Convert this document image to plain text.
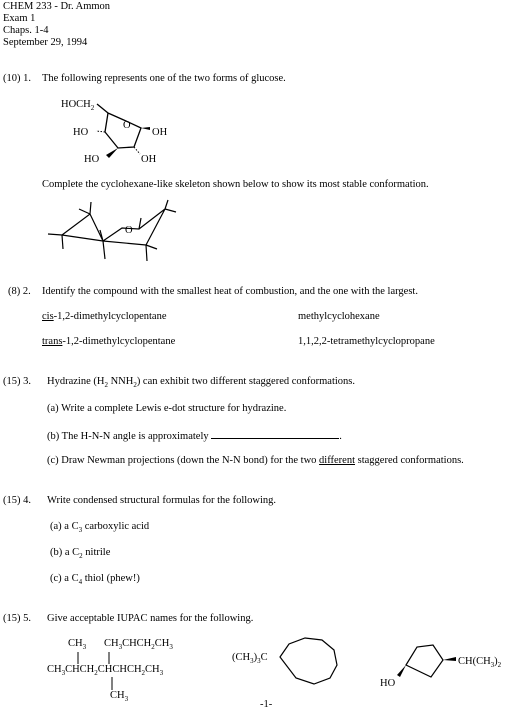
CHEM 233 - Dr. Ammon
Exam 1
Chaps. 1-4
September 29, 1994
(10) 1. The following represents one of the two forms of glucose.
$HOCH_2$
O
OH
HO
HO	OH
Complete the cyclohexane-like skeleton shown below to show its most stable conformation.
O
(8) 2. Identify the compound with the smallest heat of combustion, and the one with the largest.
cis-1,2-dimethylcyclopentane	methylcyclohexane
trans-1,2-dimethylcyclopentane	1,1,2,2-tetramethylcyclopropane
(15) 3. Hydrazine ($H_2$ $NNH_2$) can exhibit two different staggered conformations.
(a) Write a complete Lewis e-dot structure for hydrazine.
(b) The H-N-N angle is approximately	.
(c) Draw Newman projections (down the N-N bond) for the two different staggered conformations.
(15) 4. Write condensed structural formulas for the following.
(a) a $C_3$ carboxylic acid
(b) a $C_2$ nitrile
(c) a $C_4$ thiol (phew!)
(15) 5. Give acceptable IUPAC names for the following.
$CH_3$ $CH_3CHCH_2CH_3$
$CH_3CHCH_2CHCHCH_2CH_3$
$CH_3$
$(CH_3)_3C$
HO
$CH(CH_3)_2$
-1-
